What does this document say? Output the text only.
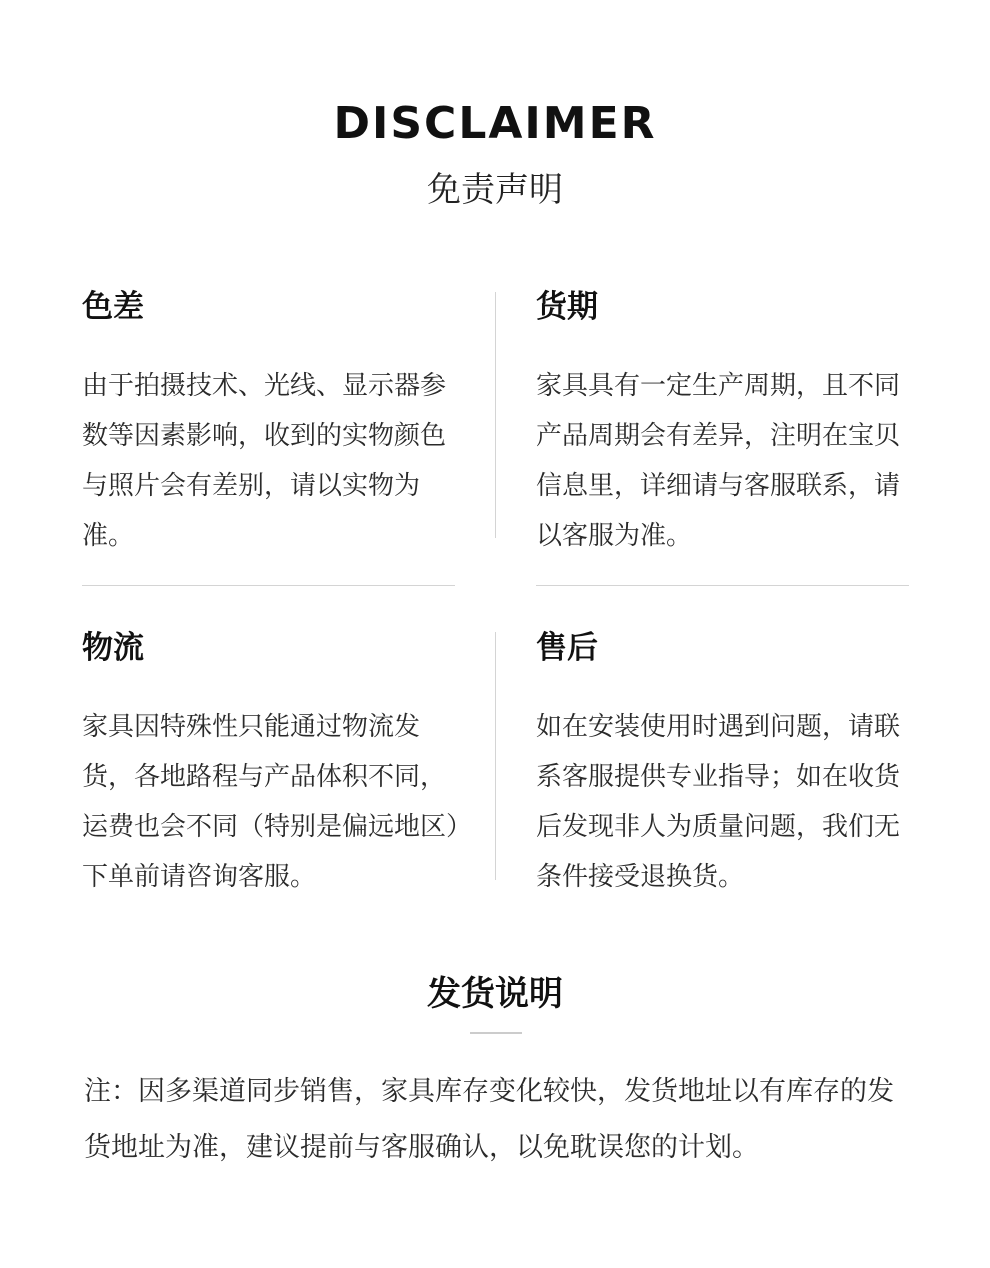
DISCLAIMER
免责声明
色差

由于拍摄技术、光线、显示器参数等因素影响，收到的实物颜色与照片会有差别，请以实物为准。

货期

家具具有一定生产周期，且不同产品周期会有差异，注明在宝贝信息里，详细请与客服联系，请以客服为准。

物流

家具因特殊性只能通过物流发货，各地路程与产品体积不同，运费也会不同（特别是偏远地区）下单前请咨询客服。

售后

如在安装使用时遇到问题，请联系客服提供专业指导；如在收货后发现非人为质量问题，我们无条件接受退换货。

发货说明

注：因多渠道同步销售，家具库存变化较快，发货地址以有库存的发货地址为准，建议提前与客服确认，以免耽误您的计划。
